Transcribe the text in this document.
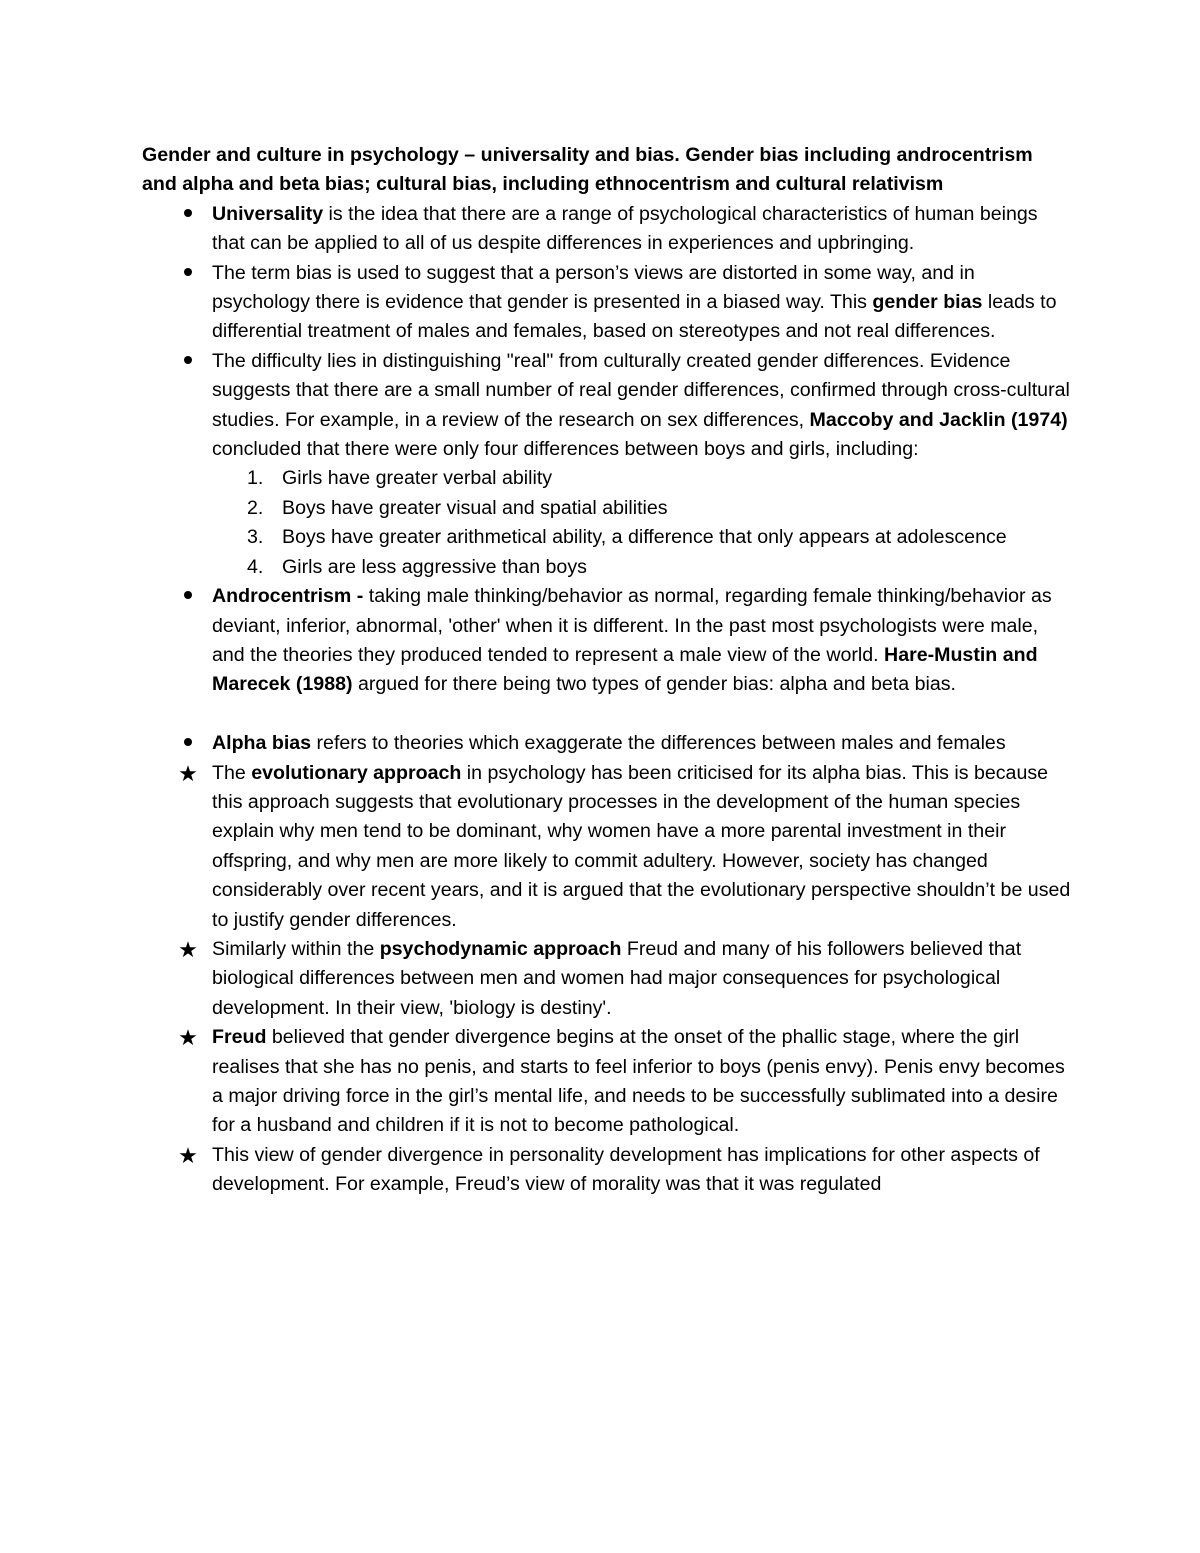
Gender and culture in psychology – universality and bias. Gender bias including androcentrism and alpha and beta bias; cultural bias, including ethnocentrism and cultural relativism

Universality is the idea that there are a range of psychological characteristics of human beings that can be applied to all of us despite differences in experiences and upbringing.
The term bias is used to suggest that a person’s views are distorted in some way, and in psychology there is evidence that gender is presented in a biased way. This gender bias leads to differential treatment of males and females, based on stereotypes and not real differences.
The difficulty lies in distinguishing "real" from culturally created gender differences. Evidence suggests that there are a small number of real gender differences, confirmed through cross-cultural studies. For example, in a review of the research on sex differences, Maccoby and Jacklin (1974) concluded that there were only four differences between boys and girls, including:
1. Girls have greater verbal ability
2. Boys have greater visual and spatial abilities
3. Boys have greater arithmetical ability, a difference that only appears at adolescence
4. Girls are less aggressive than boys
Androcentrism - taking male thinking/behavior as normal, regarding female thinking/behavior as deviant, inferior, abnormal, 'other' when it is different. In the past most psychologists were male, and the theories they produced tended to represent a male view of the world. Hare-Mustin and Marecek (1988) argued for there being two types of gender bias: alpha and beta bias.
Alpha bias refers to theories which exaggerate the differences between males and females
★ The evolutionary approach in psychology has been criticised for its alpha bias. This is because this approach suggests that evolutionary processes in the development of the human species explain why men tend to be dominant, why women have a more parental investment in their offspring, and why men are more likely to commit adultery. However, society has changed considerably over recent years, and it is argued that the evolutionary perspective shouldn’t be used to justify gender differences.
★ Similarly within the psychodynamic approach Freud and many of his followers believed that biological differences between men and women had major consequences for psychological development. In their view, 'biology is destiny'.
★ Freud believed that gender divergence begins at the onset of the phallic stage, where the girl realises that she has no penis, and starts to feel inferior to boys (penis envy). Penis envy becomes a major driving force in the girl’s mental life, and needs to be successfully sublimated into a desire for a husband and children if it is not to become pathological.
★ This view of gender divergence in personality development has implications for other aspects of development. For example, Freud’s view of morality was that it was regulated
